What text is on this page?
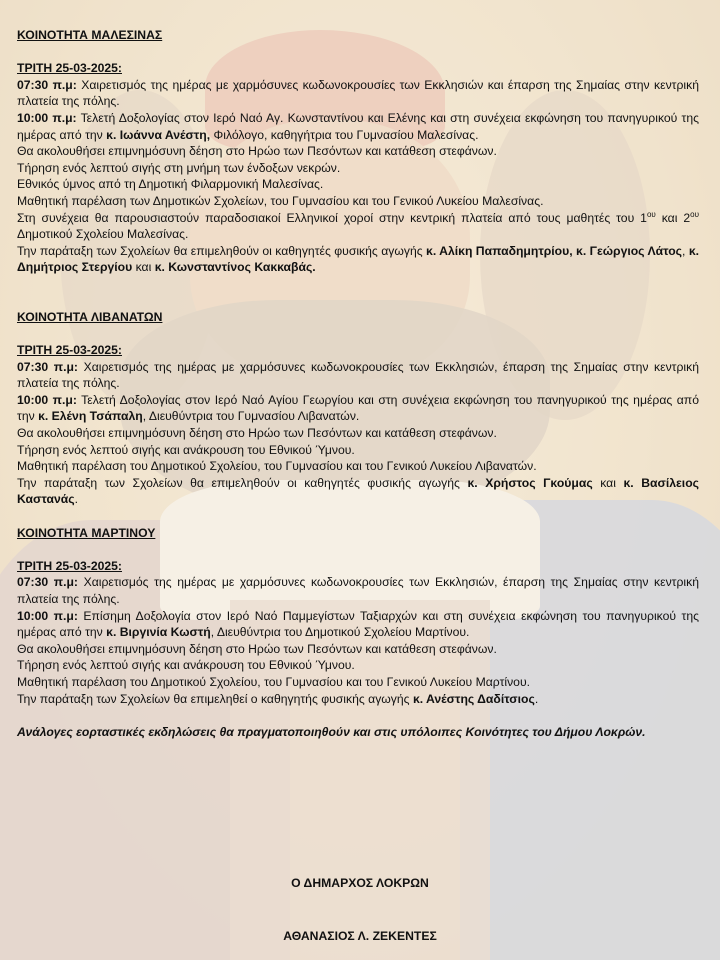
ΚΟΙΝΟΤΗΤΑ ΜΑΛΕΣΙΝΑΣ

ΤΡΙΤΗ 25-03-2025:

07:30 π.μ: Χαιρετισμός της ημέρας με χαρμόσυνες κωδωνοκρουσίες των Εκκλησιών και έπαρση της Σημαίας στην κεντρική πλατεία της πόλης.

10:00 π.μ: Τελετή Δοξολογίας στον Ιερό Ναό Αγ. Κωνσταντίνου και Ελένης και στη συνέχεια εκφώνηση του πανηγυρικού της ημέρας από την κ. Ιωάννα Ανέστη, Φιλόλογο, καθηγήτρια του Γυμνασίου Μαλεσίνας.

Θα ακολουθήσει επιμνημόσυνη δέηση στο Ηρώο των Πεσόντων και κατάθεση στεφάνων.

Τήρηση ενός λεπτού σιγής στη μνήμη των ένδοξων νεκρών.

Εθνικός ύμνος από τη Δημοτική Φιλαρμονική Μαλεσίνας.

Μαθητική παρέλαση των Δημοτικών Σχολείων, του Γυμνασίου και του Γενικού Λυκείου Μαλεσίνας.

Στη συνέχεια θα παρουσιαστούν παραδοσιακοί Ελληνικοί χοροί στην κεντρική πλατεία από τους μαθητές του $1^{o\upsilon}$ και $2^{o\upsilon}$ Δημοτικού Σχολείου Μαλεσίνας.

Την παράταξη των Σχολείων θα επιμεληθούν οι καθηγητές φυσικής αγωγής κ. Αλίκη Παπαδημητρίου, κ. Γεώργιος Λάτος, κ. Δημήτριος Στεργίου και κ. Κωνσταντίνος Κακκαβάς.

ΚΟΙΝΟΤΗΤΑ ΛΙΒΑΝΑΤΩΝ

ΤΡΙΤΗ 25-03-2025:

07:30 π.μ: Χαιρετισμός της ημέρας με χαρμόσυνες κωδωνοκρουσίες των Εκκλησιών, έπαρση της Σημαίας στην κεντρική πλατεία της πόλης.

10:00 π.μ: Τελετή Δοξολογίας στον Ιερό Ναό Αγίου Γεωργίου και στη συνέχεια εκφώνηση του πανηγυρικού της ημέρας από την κ. Ελένη Τσάπαλη, Διευθύντρια του Γυμνασίου Λιβανατών.

Θα ακολουθήσει επιμνημόσυνη δέηση στο Ηρώο των Πεσόντων και κατάθεση στεφάνων.

Τήρηση ενός λεπτού σιγής και ανάκρουση του Εθνικού Ύμνου.

Μαθητική παρέλαση του Δημοτικού Σχολείου, του Γυμνασίου και του Γενικού Λυκείου Λιβανατών.

Την παράταξη των Σχολείων θα επιμεληθούν οι καθηγητές φυσικής αγωγής κ. Χρήστος Γκούμας και κ. Βασίλειος Καστανάς.

ΚΟΙΝΟΤΗΤΑ ΜΑΡΤΙΝΟΥ

ΤΡΙΤΗ 25-03-2025:

07:30 π.μ: Χαιρετισμός της ημέρας με χαρμόσυνες κωδωνοκρουσίες των Εκκλησιών, έπαρση της Σημαίας στην κεντρική πλατεία της πόλης.

10:00 π.μ: Επίσημη Δοξολογία στον Ιερό Ναό Παμμεγίστων Ταξιαρχών και στη συνέχεια εκφώνηση του πανηγυρικού της ημέρας από την κ. Βιργινία Κωστή, Διευθύντρια του Δημοτικού Σχολείου Μαρτίνου.

Θα ακολουθήσει επιμνημόσυνη δέηση στο Ηρώο των Πεσόντων και κατάθεση στεφάνων.

Τήρηση ενός λεπτού σιγής και ανάκρουση του Εθνικού Ύμνου.

Μαθητική παρέλαση του Δημοτικού Σχολείου, του Γυμνασίου και του Γενικού Λυκείου Μαρτίνου.

Την παράταξη των Σχολείων θα επιμεληθεί ο καθηγητής φυσικής αγωγής κ. Ανέστης Δαδίτσιος.

Ανάλογες εορταστικές εκδηλώσεις θα πραγματοποιηθούν και στις υπόλοιπες Κοινότητες του Δήμου Λοκρών.

Ο ΔΗΜΑΡΧΟΣ ΛΟΚΡΩΝ
ΑΘΑΝΑΣΙΟΣ Λ. ΖΕΚΕΝΤΕΣ
